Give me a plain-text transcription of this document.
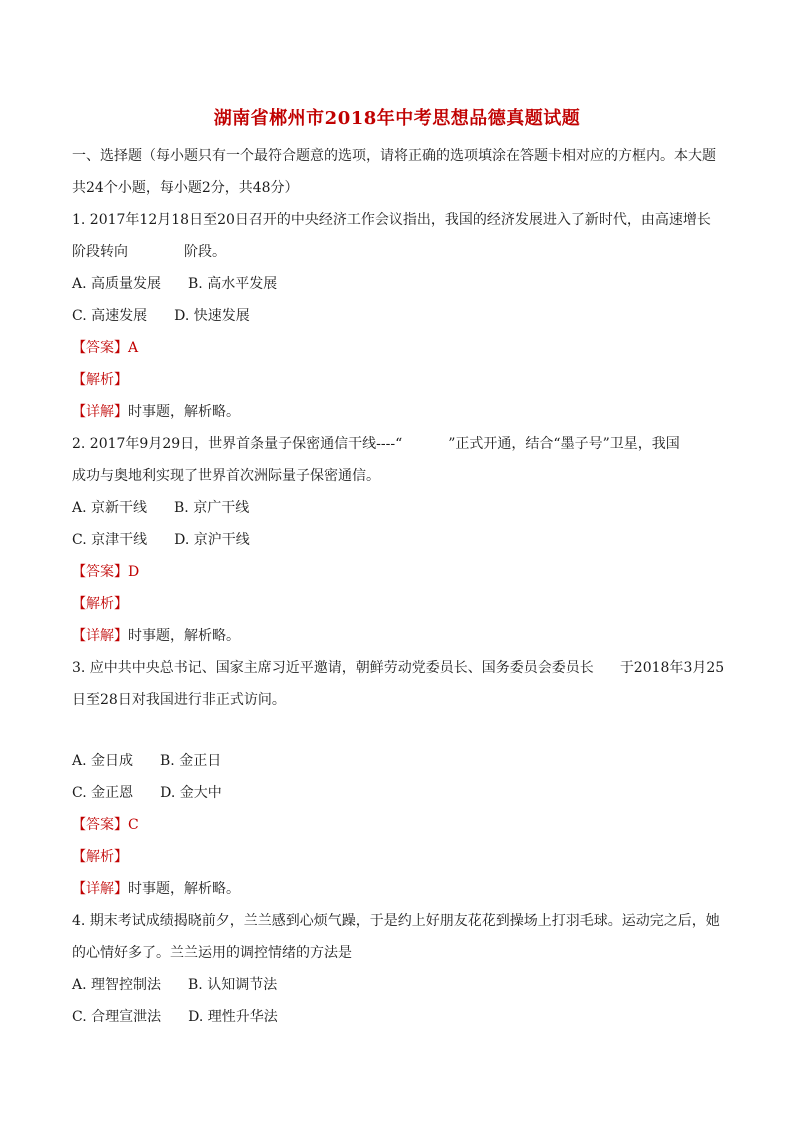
湖南省郴州市2018年中考思想品德真题试题
一、选择题（每小题只有一个最符合题意的选项，请将正确的选项填涂在答题卡相对应的方框内。本大题
共24个小题，每小题2分，共48分）
1. 2017年12月18日至20日召开的中央经济工作会议指出，我国的经济发展进入了新时代，由高速增长
阶段转向	阶段。
A. 高质量发展 B. 高水平发展
C. 高速发展 D. 快速发展
【答案】A
【解析】
【详解】时事题，解析略。
2. 2017年9月29日，世界首条量子保密通信干线----“	”正式开通，结合“墨子号”卫星，我国
成功与奥地利实现了世界首次洲际量子保密通信。
A. 京新干线 B. 京广干线
C. 京津干线 D. 京沪干线
【答案】D
【解析】
【详解】时事题，解析略。
3. 应中共中央总书记、国家主席习近平邀请，朝鲜劳动党委员长、国务委员会委员长 于2018年3月25
日至28日对我国进行非正式访问。
A. 金日成 B. 金正日
C. 金正恩 D. 金大中
【答案】C
【解析】
【详解】时事题，解析略。
4. 期末考试成绩揭晓前夕，兰兰感到心烦气躁，于是约上好朋友花花到操场上打羽毛球。运动完之后，她
的心情好多了。兰兰运用的调控情绪的方法是
A. 理智控制法 B. 认知调节法
C. 合理宣泄法 D. 理性升华法
